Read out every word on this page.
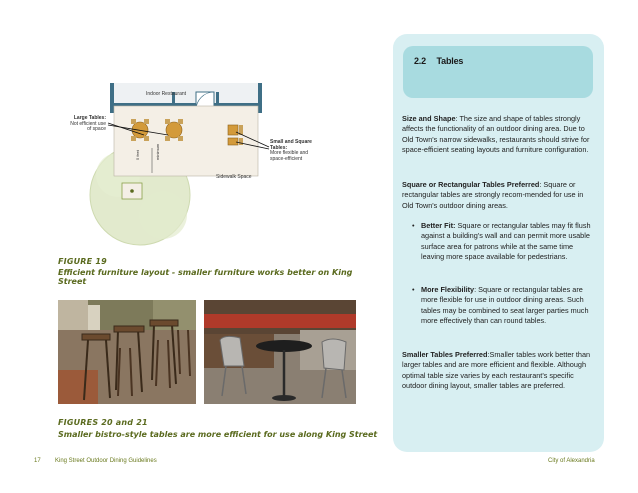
Indoor Restaurant
Sidewalk Space
Large Tables:
Not efficient use of space
Small and Square Tables:
More flexible and space-efficient
5 feet	minimum
FIGURE 19
Efficient furniture layout - smaller furniture works better on King Street
FIGURES 20 and 21
Smaller bistro-style tables are more efficient for use along King Street
2.2 Tables
Size and Shape: The size and shape of tables strongly affects the functionality of an outdoor dining area. Due to Old Town's narrow sidewalks, restaurants should strive for space-efficient seating layouts and furniture configuration.
Square or Rectangular Tables Preferred: Square or rectangular tables are strongly recom-mended for use in Old Town's outdoor dining areas.
• Better Fit: Square or rectangular tables may fit flush against a building's wall and can permit more usable surface area for patrons while at the same time leaving more space available for pedestrians.
• More Flexibility: Square or rectangular tables are more flexible for use in outdoor dining areas. Such tables may be combined to seat larger parties much more effectively than can round tables.
Smaller Tables Preferred:Smaller tables work better than larger tables and are more efficient and flexible. Although optimal table size varies by each restaurant's specific outdoor dining layout, smaller tables are preferred.
17 King Street Outdoor Dining Guidelines	City of Alexandria
